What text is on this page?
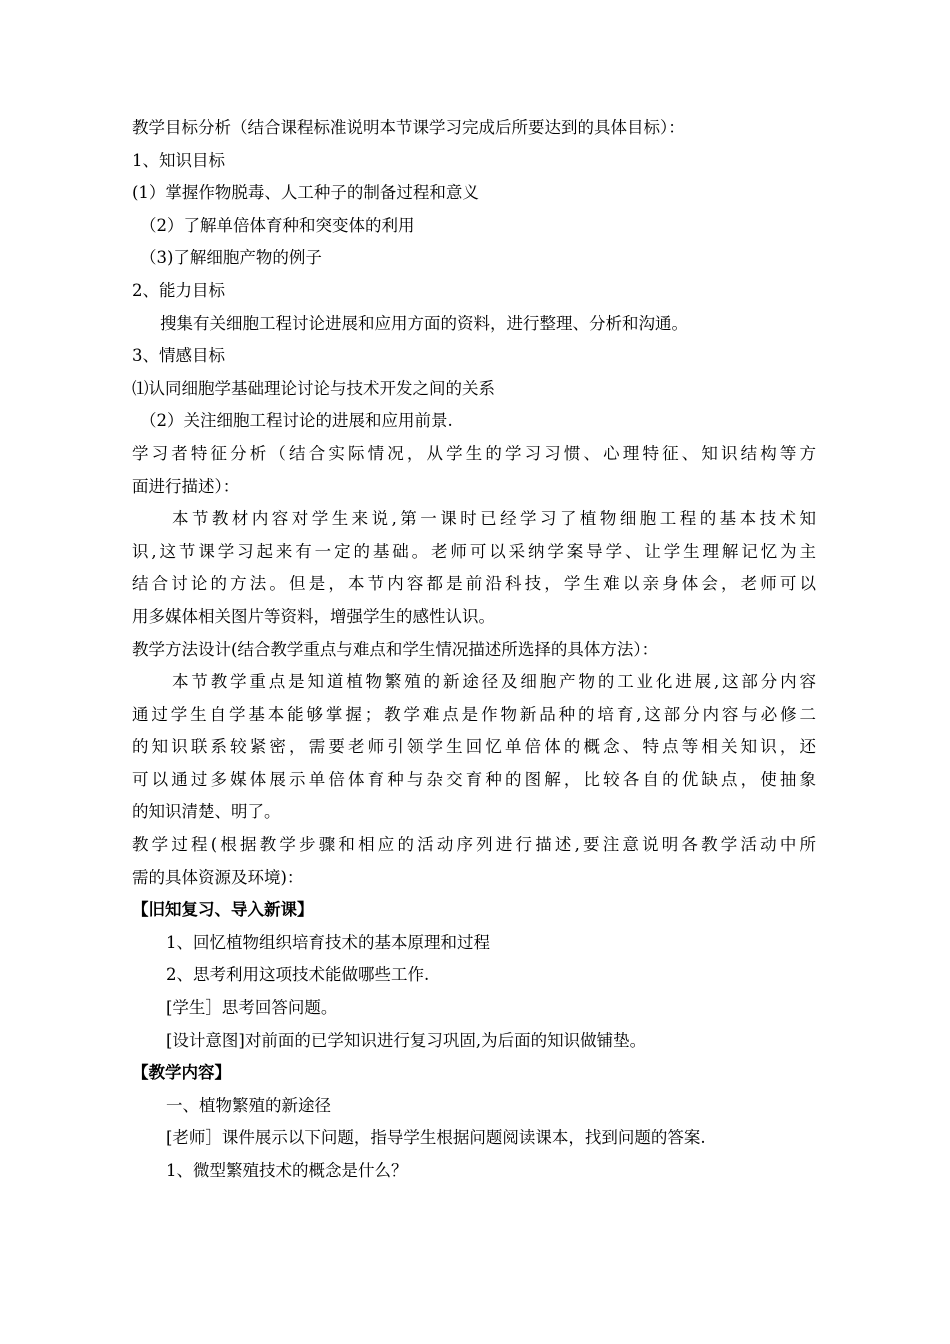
教学目标分析（结合课程标准说明本节课学习完成后所要达到的具体目标）：
1、知识目标
(1）掌握作物脱毒、人工种子的制备过程和意义
（2）了解单倍体育种和突变体的利用
（3)了解细胞产物的例子
2、能力目标
搜集有关细胞工程讨论进展和应用方面的资料，进行整理、分析和沟通。
3、情感目标
⑴认同细胞学基础理论讨论与技术开发之间的关系
（2）关注细胞工程讨论的进展和应用前景.
学习者特征分析（结合实际情况，从学生的学习习惯、心理特征、知识结构等方
面进行描述）：
本节教材内容对学生来说,第一课时已经学习了植物细胞工程的基本技术知
识,这节课学习起来有一定的基础。老师可以采纳学案导学、让学生理解记忆为主
结合讨论的方法。但是，本节内容都是前沿科技，学生难以亲身体会，老师可以
用多媒体相关图片等资料，增强学生的感性认识。
教学方法设计(结合教学重点与难点和学生情况描述所选择的具体方法）：
本节教学重点是知道植物繁殖的新途径及细胞产物的工业化进展,这部分内容
通过学生自学基本能够掌握；教学难点是作物新品种的培育,这部分内容与必修二
的知识联系较紧密，需要老师引领学生回忆单倍体的概念、特点等相关知识，还
可以通过多媒体展示单倍体育种与杂交育种的图解，比较各自的优缺点，使抽象
的知识清楚、明了。
教学过程(根据教学步骤和相应的活动序列进行描述,要注意说明各教学活动中所
需的具体资源及环境)：
【旧知复习、导入新课】
1、回忆植物组织培育技术的基本原理和过程
2、思考利用这项技术能做哪些工作.
[学生］思考回答问题。
[设计意图]对前面的已学知识进行复习巩固,为后面的知识做铺垫。
【教学内容】
一、植物繁殖的新途径
[老师］课件展示以下问题，指导学生根据问题阅读课本，找到问题的答案.
1、微型繁殖技术的概念是什么？
